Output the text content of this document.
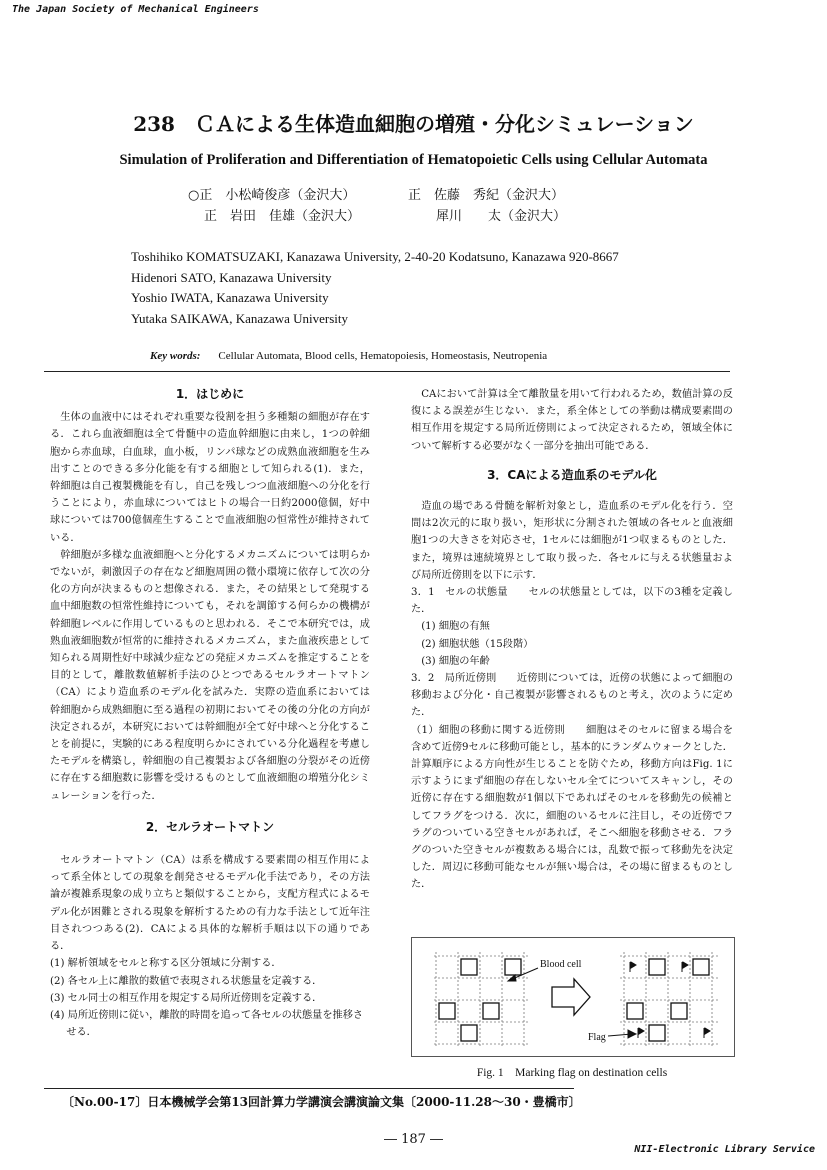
The Japan Society of Mechanical Engineers
238　ＣＡによる生体造血細胞の増殖・分化シミュレーション
Simulation of Proliferation and Differentiation of Hematopoietic Cells using Cellular Automata
○正　小松崎俊彦（金沢大）	正　佐藤　秀紀（金沢大）
正　岩田　佳雄（金沢大）	犀川　　太（金沢大）
Toshihiko KOMATSUZAKI, Kanazawa University, 2-40-20 Kodatsuno, Kanazawa 920-8667
Hidenori SATO, Kanazawa University
Yoshio IWATA, Kanazawa University
Yutaka SAIKAWA, Kanazawa University
Key words: Cellular Automata, Blood cells, Hematopoiesis, Homeostasis, Neutropenia
1．はじめに

生体の血液中にはそれぞれ重要な役割を担う多種類の細胞が存在する．これら血液細胞は全て骨髄中の造血幹細胞に由来し，1つの幹細胞から赤血球，白血球，血小板，リンパ球などの成熟血液細胞を生み出すことのできる多分化能を有する細胞として知られる(1)．また，幹細胞は自己複製機能を有し，自己を残しつつ血液細胞への分化を行うことにより，赤血球についてはヒトの場合一日約2000億個，好中球については700億個産生することで血液細胞の恒常性が維持されている．

幹細胞が多様な血液細胞へと分化するメカニズムについては明らかでないが，刺激因子の存在など細胞周囲の微小環境に依存して次の分化の方向が決まるものと想像される．また，その結果として発現する血中細胞数の恒常性維持についても，それを調節する何らかの機構が幹細胞レベルに作用しているものと思われる．そこで本研究では，成熟血液細胞数が恒常的に維持されるメカニズム，また血液疾患として知られる周期性好中球減少症などの発症メカニズムを推定することを目的として，離散数値解析手法のひとつであるセルラオートマトン（CA）により造血系のモデル化を試みた．実際の造血系においては幹細胞から成熟細胞に至る過程の初期においてその後の分化の方向が決定されるが，本研究においては幹細胞が全て好中球へと分化することを前提に，実験的にある程度明らかにされている分化過程を考慮したモデルを構築し，幹細胞の自己複製および各細胞の分裂がその近傍に存在する細胞数に影響を受けるものとして血液細胞の増殖分化シミュレーションを行った．

2．セルラオートマトン

セルラオートマトン（CA）は系を構成する要素間の相互作用によって系全体としての現象を創発させるモデル化手法であり，その方法論が複雑系現象の成り立ちと類似することから，支配方程式によるモデル化が困難とされる現象を解析するための有力な手法として近年注目されつつある(2)．CAによる具体的な解析手順は以下の通りである．

(1) 解析領域をセルと称する区分領域に分割する．
(2) 各セル上に離散的数値で表現される状態量を定義する．
(3) セル同士の相互作用を規定する局所近傍則を定義する．
(4) 局所近傍則に従い，離散的時間を追って各セルの状態量を推移させる．

CAにおいて計算は全て離散量を用いて行われるため，数値計算の反復による誤差が生じない．また，系全体としての挙動は構成要素間の相互作用を規定する局所近傍則によって決定されるため，領域全体について解析する必要がなく一部分を抽出可能である．

3．CAによる造血系のモデル化

造血の場である骨髄を解析対象とし，造血系のモデル化を行う．空間は2次元的に取り扱い，矩形状に分割された領域の各セルと血液細胞1つの大きさを対応させ，1セルには細胞が1つ収まるものとした．また，境界は連続境界として取り扱った．各セルに与える状態量および局所近傍則を以下に示す．

3．1　セルの状態量　　セルの状態量としては，以下の3種を定義した．

(1) 細胞の有無
(2) 細胞状態（15段階）
(3) 細胞の年齢

3．2　局所近傍則　　近傍則については，近傍の状態によって細胞の移動および分化・自己複製が影響されるものと考え，次のように定めた．

（1）細胞の移動に関する近傍則　　細胞はそのセルに留まる場合を含めて近傍9セルに移動可能とし，基本的にランダムウォークとした．計算順序による方向性が生じることを防ぐため，移動方向はFig. 1に示すようにまず細胞の存在しないセル全てについてスキャンし，その近傍に存在する細胞数が1個以下であればそのセルを移動先の候補としてフラグをつける．次に，細胞のいるセルに注目し，その近傍でフラグのついている空きセルがあれば，そこへ細胞を移動させる．フラグのついた空きセルが複数ある場合には，乱数で振って移動先を決定した．周辺に移動可能なセルが無い場合は，その場に留まるものとした．

Blood cell
Flag
Fig. 1　Marking flag on destination cells
〔No.00-17〕日本機械学会第13回計算力学講演会講演論文集〔2000-11.28～30・豊橋市〕
― 187 ―
NII-Electronic Library Service
